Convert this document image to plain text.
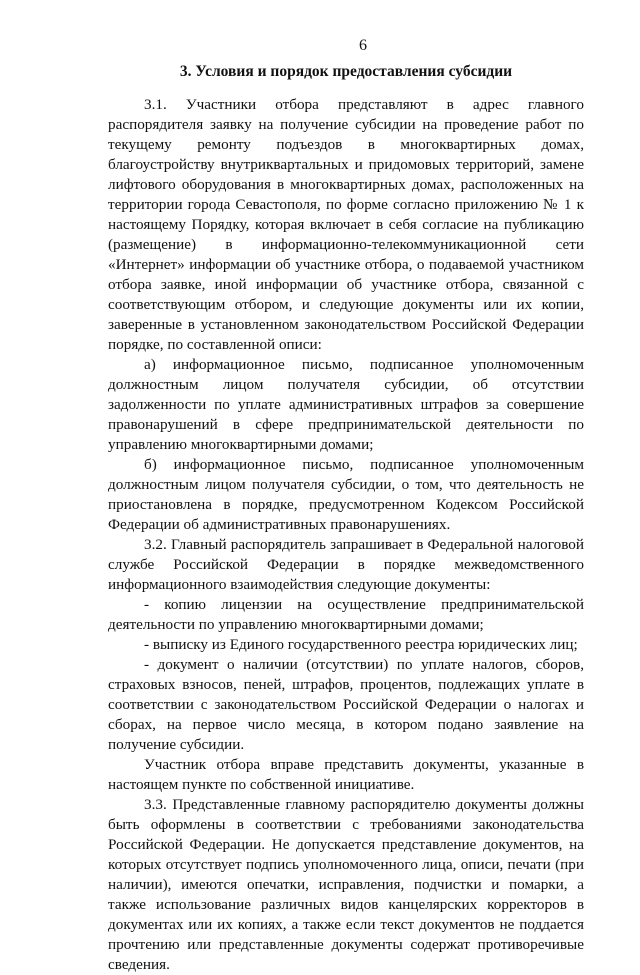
6
3. Условия и порядок предоставления субсидии

3.1. Участники отбора представляют в адрес главного распорядителя заявку на получение субсидии на проведение работ по текущему ремонту подъездов в многоквартирных домах, благоустройству внутриквартальных и придомовых территорий, замене лифтового оборудования в многоквартирных домах, расположенных на территории города Севастополя, по форме согласно приложению № 1 к настоящему Порядку, которая включает в себя согласие на публикацию (размещение) в информационно-телекоммуникационной сети «Интернет» информации об участнике отбора, о подаваемой участником отбора заявке, иной информации об участнике отбора, связанной с соответствующим отбором, и следующие документы или их копии, заверенные в установленном законодательством Российской Федерации порядке, по составленной описи:

а) информационное письмо, подписанное уполномоченным должностным лицом получателя субсидии, об отсутствии задолженности по уплате административных штрафов за совершение правонарушений в сфере предпринимательской деятельности по управлению многоквартирными домами;

б) информационное письмо, подписанное уполномоченным должностным лицом получателя субсидии, о том, что деятельность не приостановлена в порядке, предусмотренном Кодексом Российской Федерации об административных правонарушениях.

3.2. Главный распорядитель запрашивает в Федеральной налоговой службе Российской Федерации в порядке межведомственного информационного взаимодействия следующие документы:

- копию лицензии на осуществление предпринимательской деятельности по управлению многоквартирными домами;

- выписку из Единого государственного реестра юридических лиц;

- документ о наличии (отсутствии) по уплате налогов, сборов, страховых взносов, пеней, штрафов, процентов, подлежащих уплате в соответствии с законодательством Российской Федерации о налогах и сборах, на первое число месяца, в котором подано заявление на получение субсидии.

Участник отбора вправе представить документы, указанные в настоящем пункте по собственной инициативе.

3.3. Представленные главному распорядителю документы должны быть оформлены в соответствии с требованиями законодательства Российской Федерации. Не допускается представление документов, на которых отсутствует подпись уполномоченного лица, описи, печати (при наличии), имеются опечатки, исправления, подчистки и помарки, а также использование различных видов канцелярских корректоров в документах или их копиях, а также если текст документов не поддается прочтению или представленные документы содержат противоречивые сведения.
